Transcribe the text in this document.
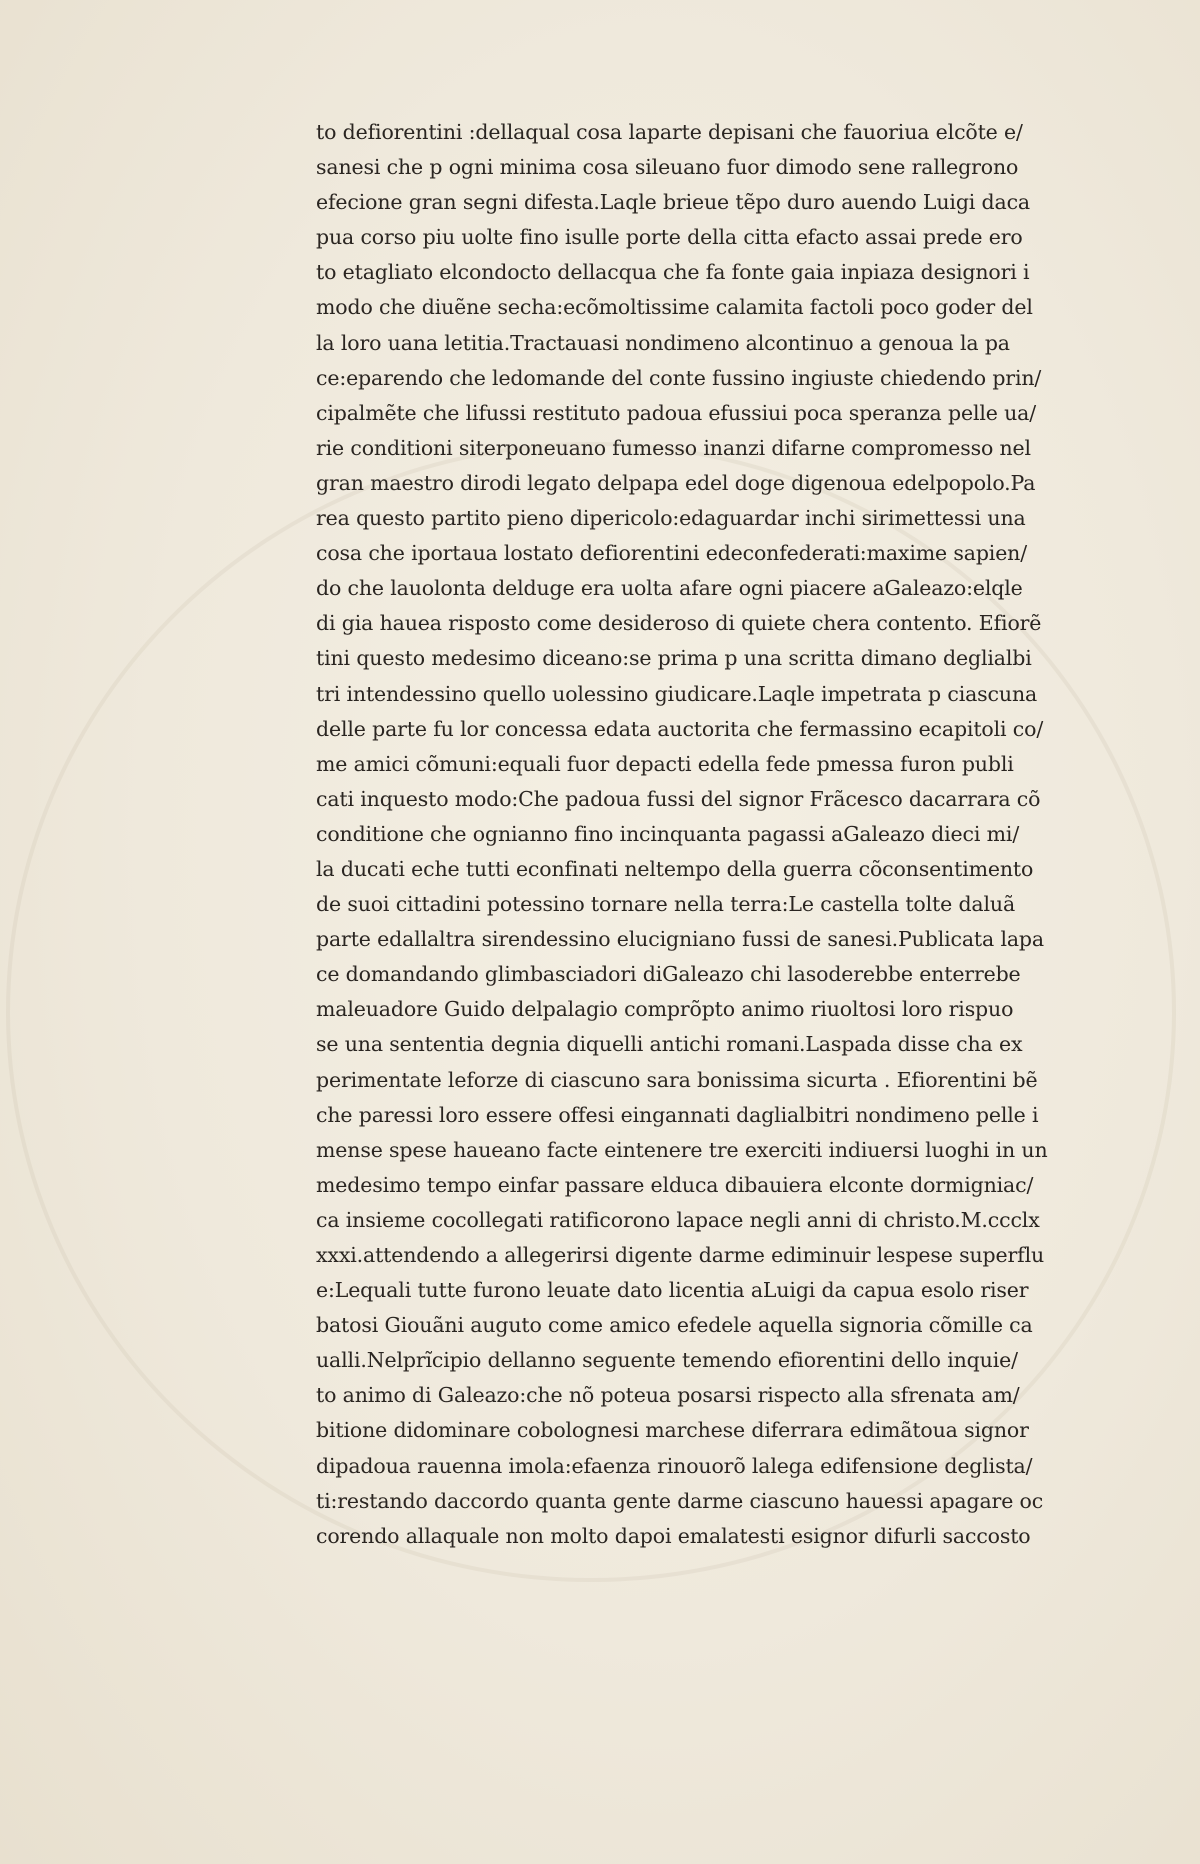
to defiorentini :dellaqual cosa laparte depisani che fauoriua elcõte e/
sanesi che p ogni minima cosa sileuano fuor dimodo sene rallegrono
efecione gran segni difesta.Laqle brieue tẽpo duro auendo Luigi daca
pua corso piu uolte fino isulle porte della citta efacto assai prede ero
to etagliato elcondocto dellacqua che fa fonte gaia inpiaza designori i
modo che diuẽne secha:ecõmoltissime calamita factoli poco goder del
la loro uana letitia.Tractauasi nondimeno alcontinuo a genoua la pa
ce:eparendo che ledomande del conte fussino ingiuste chiedendo prin/
cipalmẽte che lifussi restituto padoua efussiui poca speranza pelle ua/
rie conditioni siterponeuano fumesso inanzi difarne compromesso nel
gran maestro dirodi legato delpapa edel doge digenoua edelpopolo.Pa
rea questo partito pieno dipericolo:edaguardar inchi sirimettessi una
cosa che iportaua lostato defiorentini edeconfederati:maxime sapien/
do che lauolonta delduge era uolta afare ogni piacere aGaleazo:elqle
di gia hauea risposto come desideroso di quiete chera contento. Efiorẽ
tini questo medesimo diceano:se prima p una scritta dimano deglialbi
tri intendessino quello uolessino giudicare.Laqle impetrata p ciascuna
delle parte fu lor concessa edata auctorita che fermassino ecapitoli co/
me amici cõmuni:equali fuor depacti edella fede pmessa furon publi
cati inquesto modo:Che padoua fussi del signor Frãcesco dacarrara cõ
conditione che ognianno fino incinquanta pagassi aGaleazo dieci mi/
la ducati eche tutti econfinati neltempo della guerra cõconsentimento
de suoi cittadini potessino tornare nella terra:Le castella tolte daluã
parte edallaltra sirendessino elucigniano fussi de sanesi.Publicata lapa
ce domandando glimbasciadori diGaleazo chi lasoderebbe enterrebe
maleuadore Guido delpalagio comprõpto animo riuoltosi loro rispuo
se una sententia degnia diquelli antichi romani.Laspada disse cha ex
perimentate leforze di ciascuno sara bonissima sicurta . Efiorentini bẽ
che paressi loro essere offesi eingannati daglialbitri nondimeno pelle i
mense spese haueano facte eintenere tre exerciti indiuersi luoghi in un
medesimo tempo einfar passare elduca dibauiera elconte dormigniac/
ca insieme cocollegati ratificorono lapace negli anni di christo.M.ccclx
xxxi.attendendo a allegerirsi digente darme ediminuir lespese superflu
e:Lequali tutte furono leuate dato licentia aLuigi da capua esolo riser
batosi Giouãni auguto come amico efedele aquella signoria cõmille ca
ualli.Nelprĩcipio dellanno seguente temendo efiorentini dello inquie/
to animo di Galeazo:che nõ poteua posarsi rispecto alla sfrenata am/
bitione didominare cobolognesi marchese diferrara edimãtoua signor
dipadoua rauenna imola:efaenza rinouorõ lalega edifensione deglista/
ti:restando daccordo quanta gente darme ciascuno hauessi apagare oc
corendo allaquale non molto dapoi emalatesti esignor difurli saccosto
